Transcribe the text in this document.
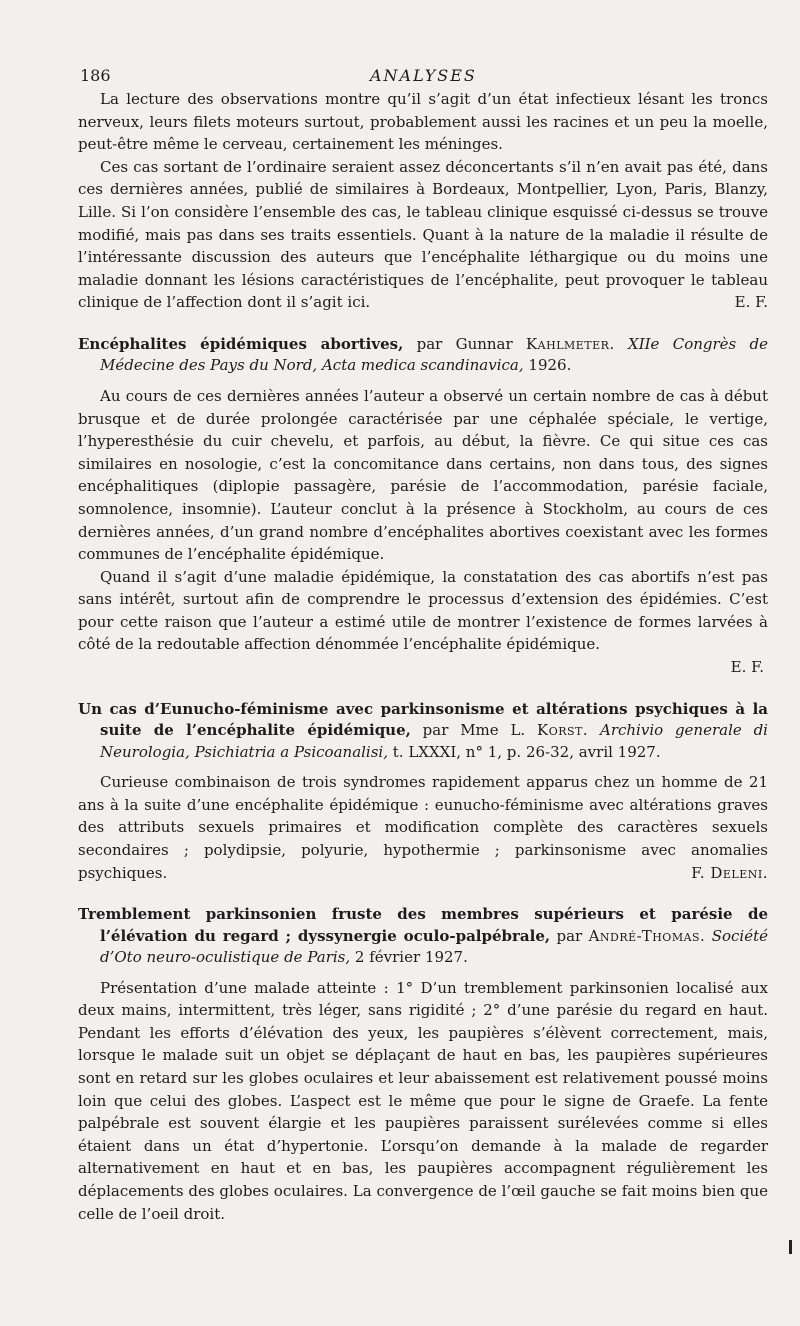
186	ANALYSES

La lecture des observations montre qu’il s’agit d’un état infectieux lésant les troncs nerveux, leurs filets moteurs surtout, probablement aussi les racines et un peu la moelle, peut-être même le cerveau, certainement les méninges.

Ces cas sortant de l’ordinaire seraient assez déconcertants s’il n’en avait pas été, dans ces dernières années, publié de similaires à Bordeaux, Montpellier, Lyon, Paris, Blanzy, Lille. Si l’on considère l’ensemble des cas, le tableau clinique esquissé ci-dessus se trouve modifié, mais pas dans ses traits essentiels. Quant à la nature de la maladie il résulte de l’intéressante discussion des auteurs que l’encéphalite léthargique ou du moins une maladie donnant les lésions caractéristiques de l’encéphalite, peut provoquer le tableau clinique de l’affection dont il s’agit ici.	E. F.

Encéphalites épidémiques abortives, par Gunnar Kahlmeter. XIIe Congrès de Médecine des Pays du Nord, Acta medica scandinavica, 1926.

Au cours de ces dernières années l’auteur a observé un certain nombre de cas à début brusque et de durée prolongée caractérisée par une céphalée spéciale, le vertige, l’hyperesthésie du cuir chevelu, et parfois, au début, la fièvre. Ce qui situe ces cas similaires en nosologie, c’est la concomitance dans certains, non dans tous, des signes encéphalitiques (diplopie passagère, parésie de l’accommodation, parésie faciale, somnolence, insomnie). L’auteur conclut à la présence à Stockholm, au cours de ces dernières années, d’un grand nombre d’encéphalites abortives coexistant avec les formes communes de l’encéphalite épidémique.

Quand il s’agit d’une maladie épidémique, la constatation des cas abortifs n’est pas sans intérêt, surtout afin de comprendre le processus d’extension des épidémies. C’est pour cette raison que l’auteur a estimé utile de montrer l’existence de formes larvées à côté de la redoutable affection dénommée l’encéphalite épidémique.

E. F.
Un cas d’Eunucho-féminisme avec parkinsonisme et altérations psychiques à la suite de l’encéphalite épidémique, par Mme L. Korst. Archivio generale di Neurologia, Psichiatria a Psicoanalisi, t. LXXXI, n° 1, p. 26-32, avril 1927.

Curieuse combinaison de trois syndromes rapidement apparus chez un homme de 21 ans à la suite d’une encéphalite épidémique : eunucho-féminisme avec altérations graves des attributs sexuels primaires et modification complète des caractères sexuels secondaires ; polydipsie, polyurie, hypothermie ; parkinsonisme avec anomalies psychiques.	F. Deleni.

Tremblement parkinsonien fruste des membres supérieurs et parésie de l’élévation du regard ; dyssynergie oculo-palpébrale, par André-Thomas. Société d’Oto neuro-oculistique de Paris, 2 février 1927.

Présentation d’une malade atteinte : 1° D’un tremblement parkinsonien localisé aux deux mains, intermittent, très léger, sans rigidité ; 2° d’une parésie du regard en haut. Pendant les efforts d’élévation des yeux, les paupières s’élèvent correctement, mais, lorsque le malade suit un objet se déplaçant de haut en bas, les paupières supérieures sont en retard sur les globes oculaires et leur abaissement est relativement poussé moins loin que celui des globes. L’aspect est le même que pour le signe de Graefe. La fente palpébrale est souvent élargie et les paupières paraissent surélevées comme si elles étaient dans un état d’hypertonie. L’orsqu’on demande à la malade de regarder alternativement en haut et en bas, les paupières accompagnent régulièrement les déplacements des globes oculaires. La convergence de l’œil gauche se fait moins bien que celle de l’oeil droit.
